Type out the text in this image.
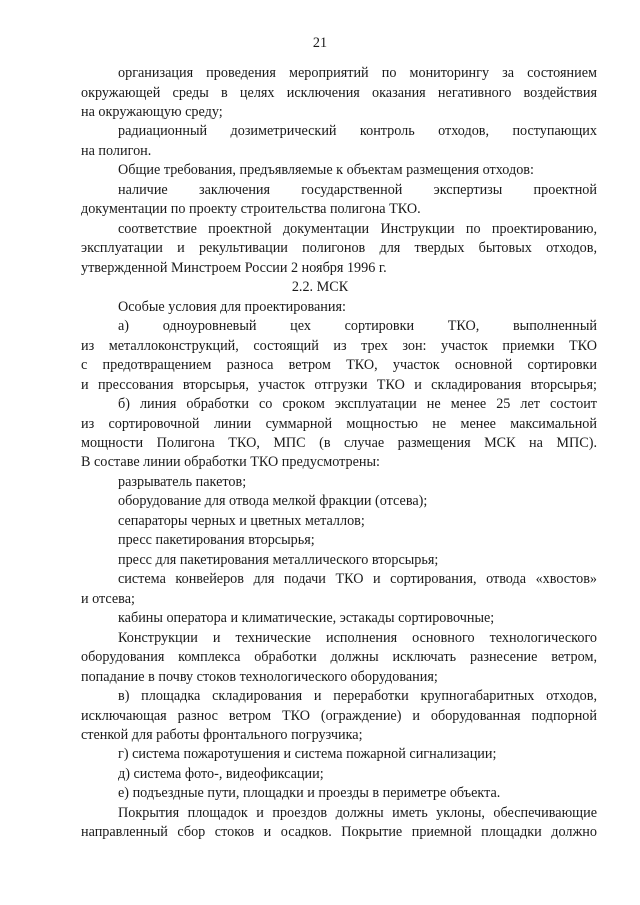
21
организация проведения мероприятий по мониторингу за состоянием
окружающей среды в целях исключения оказания негативного воздействия
на окружающую среду;
радиационный дозиметрический контроль отходов, поступающих
на полигон.
Общие требования, предъявляемые к объектам размещения отходов:
наличие заключения государственной экспертизы проектной
документации по проекту строительства полигона ТКО.
соответствие проектной документации Инструкции по проектированию,
эксплуатации и рекультивации полигонов для твердых бытовых отходов,
утвержденной Минстроем России 2 ноября 1996 г.
2.2. МСК
Особые условия для проектирования:
а) одноуровневый цех сортировки ТКО, выполненный
из металлоконструкций, состоящий из трех зон: участок приемки ТКО
с предотвращением разноса ветром ТКО, участок основной сортировки
и прессования вторсырья, участок отгрузки ТКО и складирования вторсырья;
б) линия обработки со сроком эксплуатации не менее 25 лет состоит
из сортировочной линии суммарной мощностью не менее максимальной
мощности Полигона ТКО, МПС (в случае размещения МСК на МПС).
В составе линии обработки ТКО предусмотрены:
разрыватель пакетов;
оборудование для отвода мелкой фракции (отсева);
сепараторы черных и цветных металлов;
пресс пакетирования вторсырья;
пресс для пакетирования металлического вторсырья;
система конвейеров для подачи ТКО и сортирования, отвода «хвостов»
и отсева;
кабины оператора и климатические, эстакады сортировочные;
Конструкции и технические исполнения основного технологического
оборудования комплекса обработки должны исключать разнесение ветром,
попадание в почву стоков технологического оборудования;
в) площадка складирования и переработки крупногабаритных отходов,
исключающая разнос ветром ТКО (ограждение) и оборудованная подпорной
стенкой для работы фронтального погрузчика;
г) система пожаротушения и система пожарной сигнализации;
д) система фото-, видеофиксации;
е) подъездные пути, площадки и проезды в периметре объекта.
Покрытия площадок и проездов должны иметь уклоны, обеспечивающие
направленный сбор стоков и осадков. Покрытие приемной площадки должно
